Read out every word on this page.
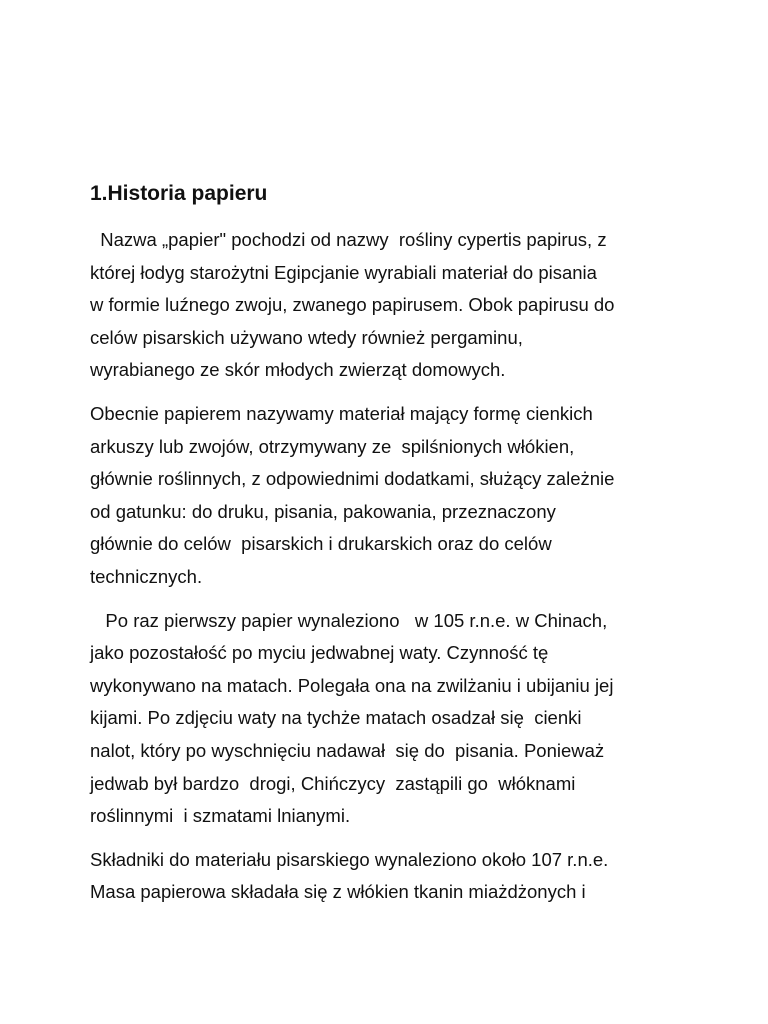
1.Historia papieru

Nazwa „papier" pochodzi od nazwy  rośliny cypertis papirus, z
której łodyg starożytni Egipcjanie wyrabiali materiał do pisania
w formie luźnego zwoju, zwanego papirusem. Obok papirusu do
celów pisarskich używano wtedy również pergaminu,
wyrabianego ze skór młodych zwierząt domowych.

Obecnie papierem nazywamy materiał mający formę cienkich
arkuszy lub zwojów, otrzymywany ze  spilśnionych włókien,
głównie roślinnych, z odpowiednimi dodatkami, służący zależnie
od gatunku: do druku, pisania, pakowania, przeznaczony
głównie do celów  pisarskich i drukarskich oraz do celów
technicznych.

Po raz pierwszy papier wynaleziono   w 105 r.n.e. w Chinach,
jako pozostałość po myciu jedwabnej waty. Czynność tę
wykonywano na matach. Polegała ona na zwilżaniu i ubijaniu jej
kijami. Po zdjęciu waty na tychże matach osadzał się  cienki
nalot, który po wyschnięciu nadawał  się do  pisania. Ponieważ
jedwab był bardzo  drogi, Chińczycy  zastąpili go  włóknami
roślinnymi  i szmatami lnianymi.

Składniki do materiału pisarskiego wynaleziono około 107 r.n.e.
Masa papierowa składała się z włókien tkanin miażdżonych i
